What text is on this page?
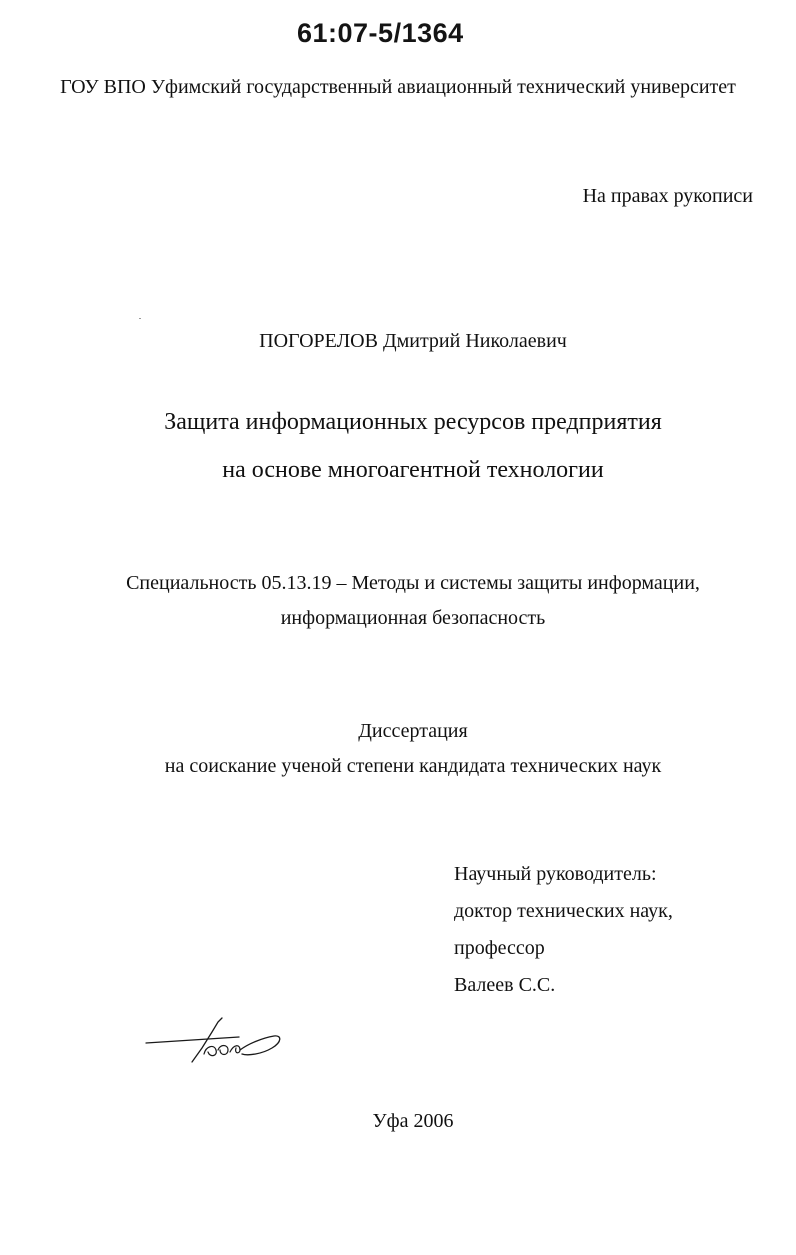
61:07-5/1364
ГОУ ВПО Уфимский государственный авиационный технический университет
На правах рукописи
ПОГОРЕЛОВ Дмитрий Николаевич
Защита информационных ресурсов предприятия
на основе многоагентной технологии
Специальность 05.13.19 – Методы и системы защиты информации,
информационная безопасность
Диссертация
на соискание ученой степени кандидата технических наук
Научный руководитель:
доктор технических наук,
профессор
Валеев С.С.
Уфа 2006
